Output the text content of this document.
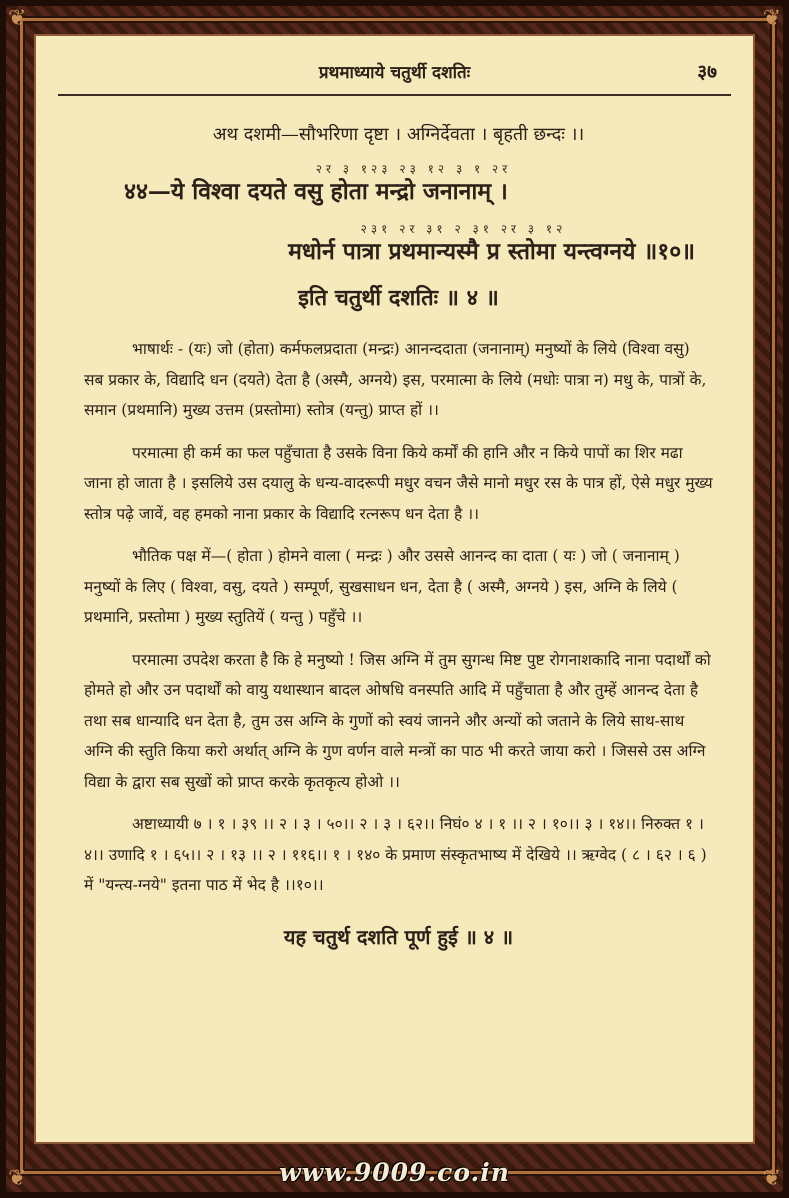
❦	❦
❦	❦
प्रथमाध्याये चतुर्थी दशतिः	३७
अथ दशमी—सौभरिणा दृष्टा । अग्निर्देवता । बृहती छन्दः ।।
२र ३ १२३ २३ १२ ३ १ २र
४४—ये विश्वा दयते वसु होता मन्द्रो जनानाम् ।
२३१ २र ३१ २ ३१ २र ३ १२
मधोर्न पात्रा प्रथमान्यस्मै प्र स्तोमा यन्त्वग्नये ॥१०॥
इति चतुर्थी दशतिः ॥ ४ ॥

भाषार्थः - (यः) जो (होता) कर्मफलप्रदाता (मन्द्रः) आनन्ददाता (जनानाम्) मनुष्यों के लिये (विश्वा वसु) सब प्रकार के, विद्यादि धन (दयते) देता है (अस्मै, अग्नये) इस, परमात्मा के लिये (मधोः पात्रा न) मधु के, पात्रों के, समान (प्रथमानि) मुख्य उत्तम (प्रस्तोमा) स्तोत्र (यन्तु) प्राप्त हों ।।

परमात्मा ही कर्म का फल पहुँचाता है उसके विना किये कर्मों की हानि और न किये पापों का शिर मढा जाना हो जाता है । इसलिये उस दयालु के धन्य-वादरूपी मधुर वचन जैसे मानो मधुर रस के पात्र हों, ऐसे मधुर मुख्य स्तोत्र पढ़े जावें, वह हमको नाना प्रकार के विद्यादि रत्नरूप धन देता है ।।

भौतिक पक्ष में—( होता ) होमने वाला ( मन्द्रः ) और उससे आनन्द का दाता ( यः ) जो ( जनानाम् ) मनुष्यों के लिए ( विश्वा, वसु, दयते ) सम्पूर्ण, सुखसाधन धन, देता है ( अस्मै, अग्नये ) इस, अग्नि के लिये ( प्रथमानि, प्रस्तोमा ) मुख्य स्तुतियें ( यन्तु ) पहुँचे ।।

परमात्मा उपदेश करता है कि हे मनुष्यो ! जिस अग्नि में तुम सुगन्ध मिष्ट पुष्ट रोगनाशकादि नाना पदार्थों को होमते हो और उन पदार्थों को वायु यथास्थान बादल ओषधि वनस्पति आदि में पहुँचाता है और तुम्हें आनन्द देता है तथा सब धान्यादि धन देता है, तुम उस अग्नि के गुणों को स्वयं जानने और अन्यों को जताने के लिये साथ-साथ अग्नि की स्तुति किया करो अर्थात् अग्नि के गुण वर्णन वाले मन्त्रों का पाठ भी करते जाया करो । जिससे उस अग्नि विद्या के द्वारा सब सुखों को प्राप्त करके कृतकृत्य होओ ।।

अष्टाध्यायी ७ । १ । ३९ ।। २ । ३ । ५०।। २ । ३ । ६२।। निघं० ४ । १ ।। २ । १०।। ३ । १४।। निरुक्त १ । ४।। उणादि १ । ६५।। २ । १३ ।। २ । ११६।। १ । १४० के प्रमाण संस्कृतभाष्य में देखिये ।। ऋग्वेद ( ८ । ६२ । ६ ) में "यन्त्य-ग्नये" इतना पाठ में भेद है ।।१०।।

यह चतुर्थ दशति पूर्ण हुई ॥ ४ ॥
www.9009.co.in
